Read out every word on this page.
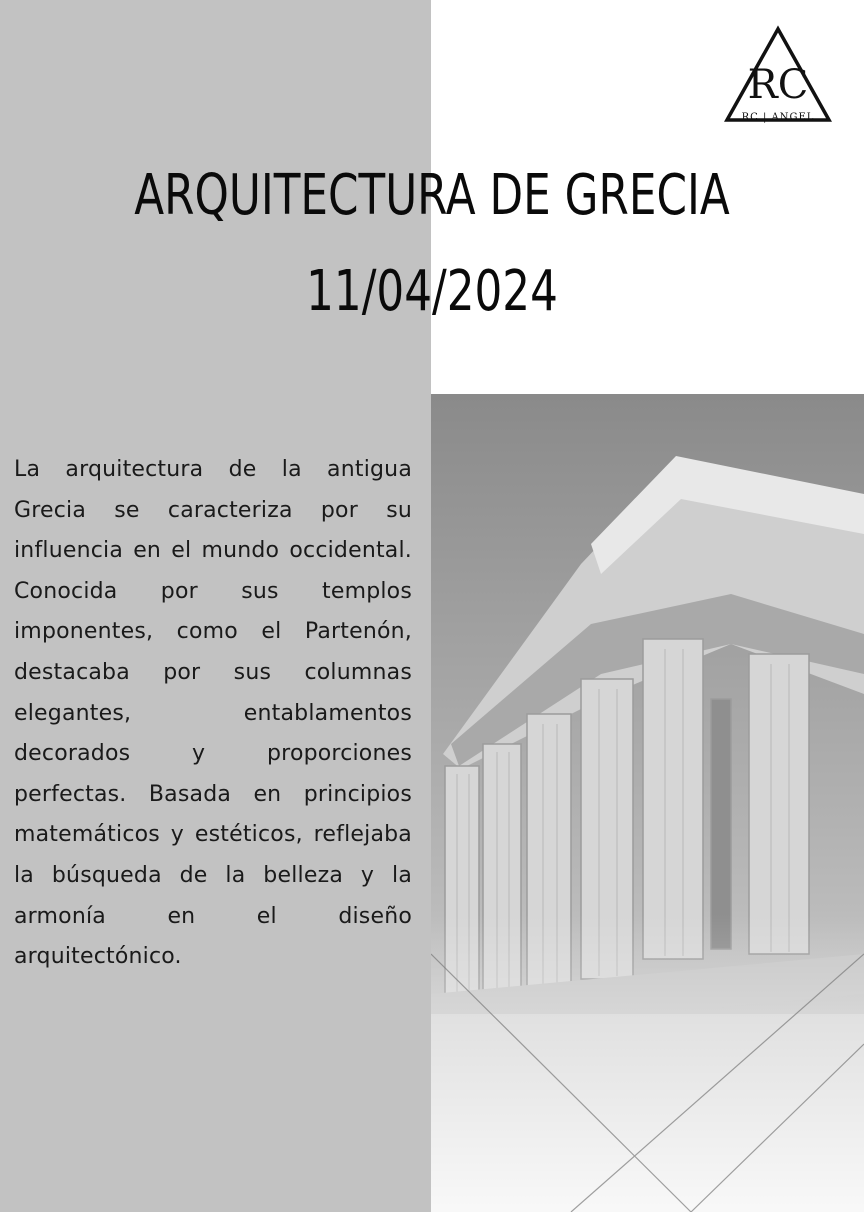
RC
RC | ANGEL
ARQUITECTURA DE GRECIA
11/04/2024
La arquitectura de la antigua Grecia se caracteriza por su influencia en el mundo occidental. Conocida por sus templos imponentes, como el Partenón, destacaba por sus columnas elegantes, entablamentos decorados y proporciones perfectas. Basada en principios matemáticos y estéticos, reflejaba la búsqueda de la belleza y la armonía en el diseño arquitectónico.
